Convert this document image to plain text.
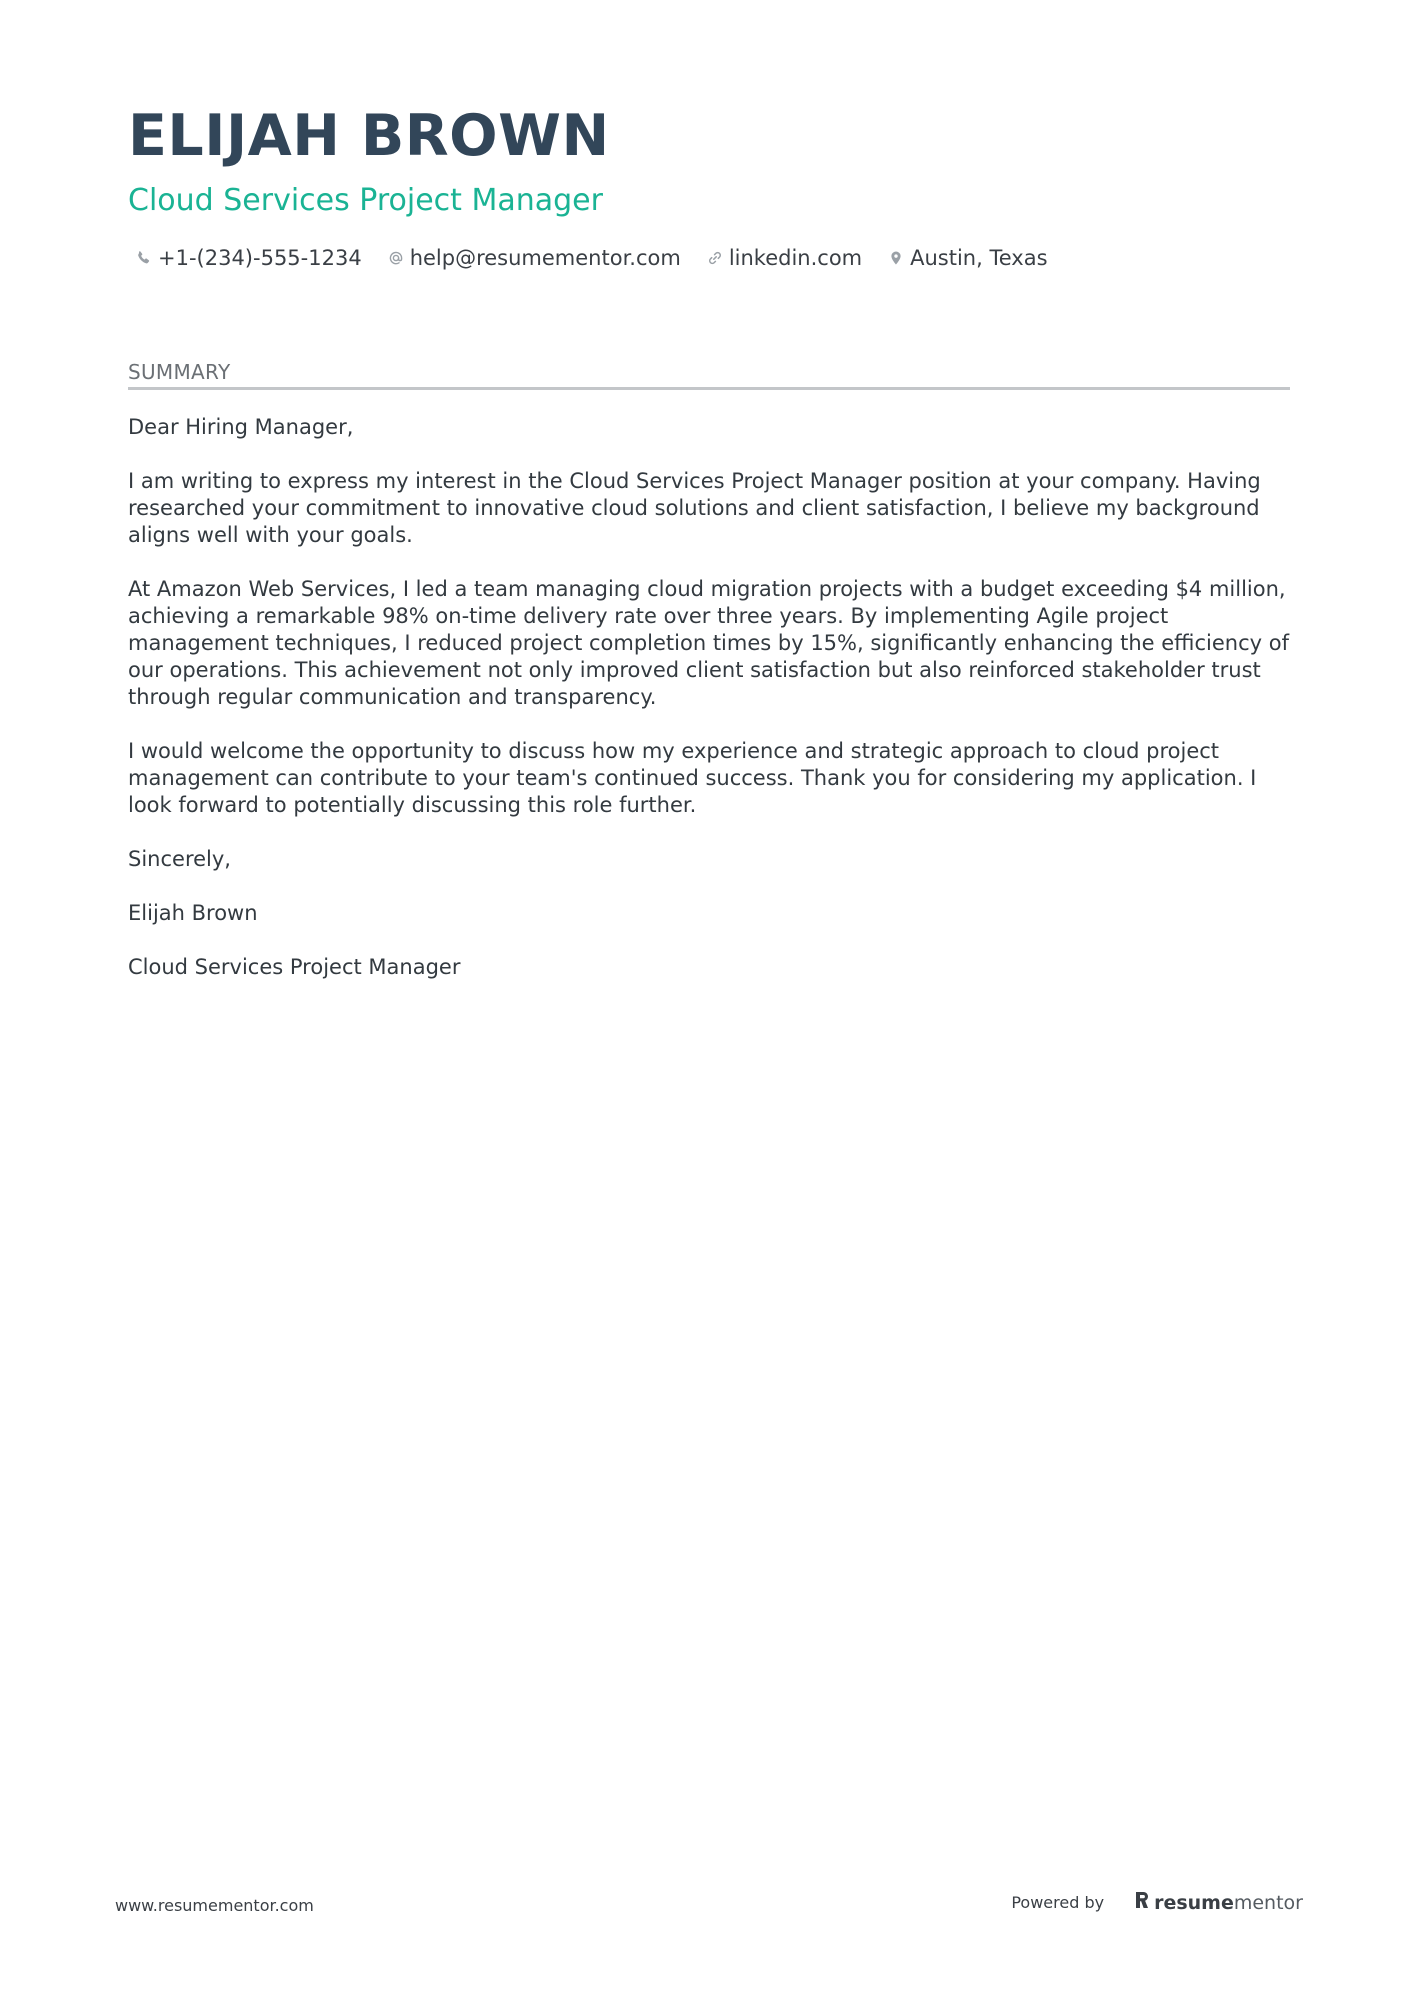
ELIJAH BROWN
Cloud Services Project Manager
+1-(234)-555-1234 help@resumementor.com linkedin.com Austin, Texas
SUMMARY

Dear Hiring Manager,

I am writing to express my interest in the Cloud Services Project Manager position at your company. Having researched your commitment to innovative cloud solutions and client satisfaction, I believe my background aligns well with your goals.

At Amazon Web Services, I led a team managing cloud migration projects with a budget exceeding $4 million, achieving a remarkable 98% on-time delivery rate over three years. By implementing Agile project management techniques, I reduced project completion times by 15%, significantly enhancing the efficiency of our operations. This achievement not only improved client satisfaction but also reinforced stakeholder trust through regular communication and transparency.

I would welcome the opportunity to discuss how my experience and strategic approach to cloud project management can contribute to your team's continued success. Thank you for considering my application. I look forward to potentially discussing this role further.

Sincerely,

Elijah Brown

Cloud Services Project Manager

www.resumementor.com	Powered by	resume mentor
